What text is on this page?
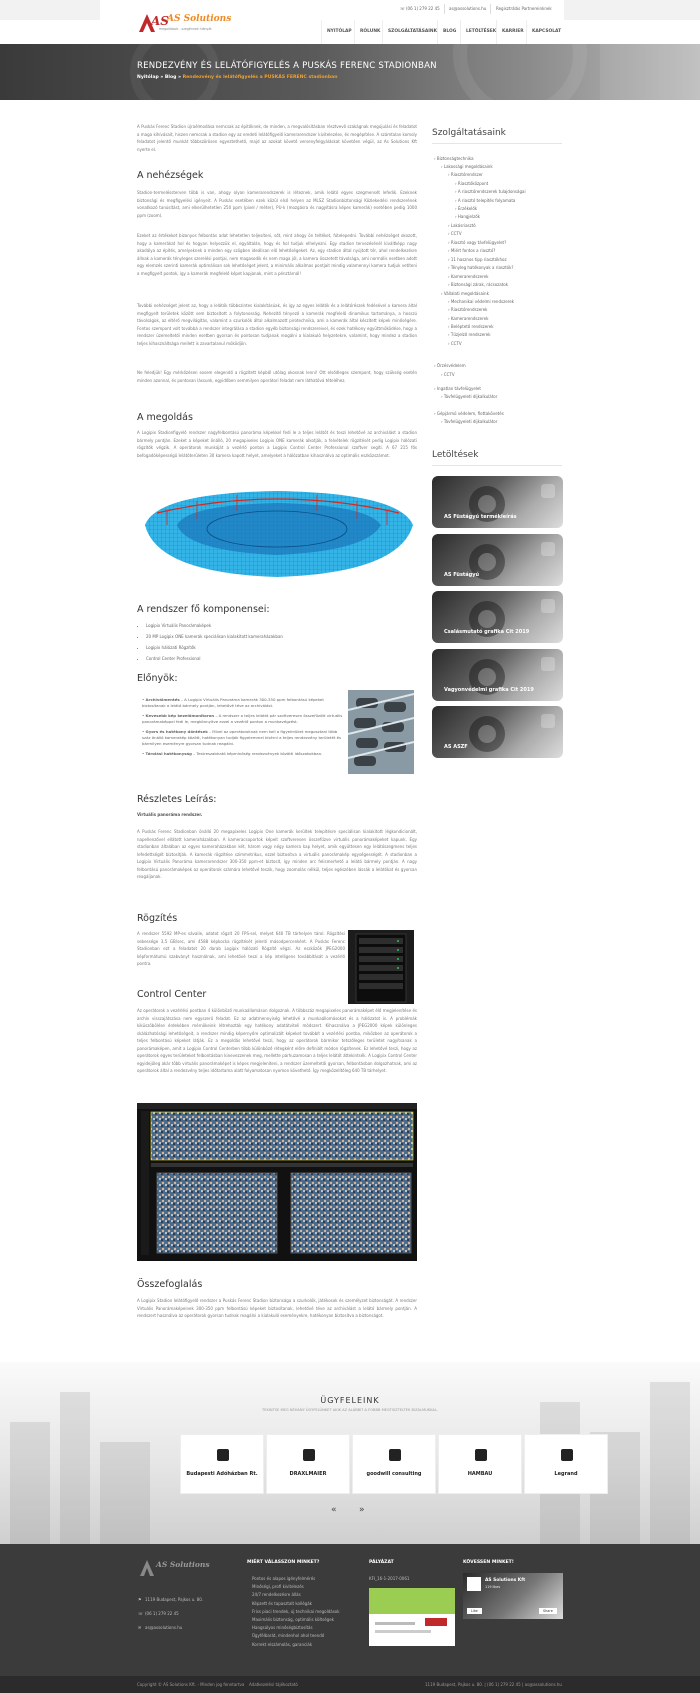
☏ (06 1) 279 22 45 as@assolutions.hu Regisztrálás Partnereinknek
AS
AS Solutions
megoldások - szegénnek hiányát
RENDEZVÉNY ÉS LELÁTÓFIGYELÉS A PUSKÁS FERENC STADIONBAN
Nyitólap » Blog » Rendezvény és lelátófigyelés a PUSKÁS FERENC stadionban
A Puskás Ferenc Stadion újraélmodása nemcsak az épitőknek, de minden, a megvalósításban résztvevő szakágnak megújulási és feladatot a maga kihívásait, hiszen nemcsak a stadion egy az eredeti lelátófigyelő kamerarendszer kivitelezése, és megépítése. A számtalan komoly feladatot jelentő munkát többszörösen egyeztethető, majd az azokat követő versenyfelgyáláskat követően végül, az As Solutions Kft nyerte el.
A nehézségek
Stadion-termeléssterven több is van, ahogy olyan kamerarendszerek is léteznek, amik lelátó egyes szegmensét lefedik. Ezeknek biztonsági és megfigyelési igényeit. A Puskás esetében ezek közül első helyen az MLSZ Stadionbiztonsági Közlekedési rendszerének vonatkozó tanúsítást, ami elkerülhetetlen 250 ppm (pixel / méter), PU-k (mozgásra és nagyításra képes kamerák) esetében pedig 1000 ppm (zoom).
Ezeket az értékeket bizonyos felbontás adat lehetetlen teljesíteni, sőt, mint ahogy ön teltéket, fútelepedni. További nehézséget okozott, hogy a kamerákat hol és hogyan helyezzük el, egyáltalán, hogy és hol tudjuk elhelyezni. Egy stadion tervezésénél kiváltképp nagy akadálya az építés, amelyeknek a minden egy szögben ideálisan elő lehetőségeket. Az, egy stadion által nyújtott tér, ahol rendelkezésre állnak a kamerák tényleges szerelési pontjai, nem magasodik és nem maga jól, a kamera összetett távolsága, ami normális esetben adott egy elemzés szerinti kamerák optimálisan sok lehetőséget jelent, a minimális alkalmas pontjait mindig valamennyi kamera tudjuk vetíteni a megfigyelt pontok, így a kamerák megfelelő képet kapjanak, mint a pénztárnál!
További nehézséget jelent az, hogy a lelátók többszintes kialakításúak, és így az egyes lelátók és a lelátórészek fedésével a kamera által megfigyelt területek között sem biztosított a folytonosság. Nehezítő tényező a kamerák megfelelő dinamikus tartománya, a hosszú távolságok, az eltérő megvilágítás, valamint a szurkolók által alkalmazott pirotechnika, ami a kamerák által készített képek minőségére. Fontos szempont volt továbbá a rendszer integrálása a stadion egyéb biztonsági rendszereivel, és ezek hatékony együttműködése, hogy a rendszer üzemeltetői minden esetben gyorsan és pontosan tudjanak reagálni a kialakuló helyzetekre, valamint, hogy mindez a stadion teljes kihasználtsága mellett is zavartalanul működjön.
Ne feledjük! Egy mérkőzésen sosem elegendő a rögzített képből utólag okosnak lenni! Ott elsődleges szempont, hogy szükség esetén minden azonnal, és pontosan lássunk, egyidőben semmilyen operátori feladat nem láthatóvá tételéhez.
A megoldás
A Logipix Stadionfigyelő rendszer nagyfelbontású panoráma képekkel fedi le a teljes lelátót és teszi lehetővé az archiválást a stadion bármely pontján. Ezeket a képeket önálló, 20 megapixeles Logipix ONE kamerák alkotják, a felvételek rögzítését pedig Logipix hálózati rögzítők végzik. A operátorok munkáját a vezérlő ponton a Logipix Control Center Professional szoftver segíti. A 67 215 fős befogadóképességű lelátóterületen 30 kamera kapott helyet, amelyeket a hálózatban kihasználva az optimális eszközszámot.
A rendszer fő komponensei:
• Logipix Virtuális Panorámaképek
• 20 MP Logipix ONE kamerák speciálisan kialakított kameraházakban
• Logipix hálózati Rögzítők
• Control Center Professional
Előnyök:
• Archiválmentés – A Logipix Virtuális Panoráma kamerák 300-350 ppm felbontású képeket biztosítanak a lelátó bármely pontján, lehetővé téve az archiválást.
• Kevesebb kép kezelőmonitoron – A rendszer a teljes lelátót pár szoftveresen összefűzött virtuális panorámaképpel fedi le, megkönnyítve ezzel a vezérlő ponton a munkavégzést.
• Gyors és hatékony döntések – Mivel az operátoroknak nem kell a figyelmüket megosztani több száz önálló kamerakép között, hatékonyan tudják figyelemmel kísérni a teljes rendezvény területét és bármilyen eseményre gyorsan tudnak reagálni.
• Tárolási hatékonyság – Testreszabható képminőség rendezvények közötti időszakokban.
Részletes Leírás:
Virtuális panoráma rendszer.
A Puskás Ferenc Stadionban önálló 20 megapixeles Logipix One kamerák kerültek telepítésre speciálisan kialakított légkondicionált, napellenzővel ellátott kameraházakban. A kameracsoportok képeit szoftveresen összefűzve virtuális panorámaképeket kapunk. Egy stadionban általában az egyes kameraházakban két, három vagy négy kamera kap helyet, amik együttesen egy lelátószegmens teljes lefedettségét biztosítják. A kamerák rögzítése szimmetrikus, ezzel biztosítva a virtuális panorámakép egységességét. A stadionban a Logipix Virtuális Panoráma kamerarendszer 300-350 ppm-et biztosít, így minden arc felismerhető a lelátó bármely pontján. A nagy felbontású panorámaképek az operátorok számára lehetővé teszik, hogy zoomolás nélkül, teljes egészében lássák a lelátókat és gyorsan reagáljanak.
Rögzítés
A rendszer 5592 MP-es sávaile, adatot rögzít 20 FPS-sel, melyet 640 TB tárhelyen tárol. Rögzítési sebessége 3,5 GB/sec, ami 4588 képkocka rögzítését jelenti másodpercenként. A Puskás Ferenc Stadionban ezt a feladatot 20 darab Logipix hálózati Rögzítő végzi. Az eszközök JPEG2000 képformátumú szabványt használnak, ami lehetővé teszi a kép intelligens továbbítását a vezérlő pontra.
Control Center
Az operátorok a vezérlési pontban 4 különböző munkaállomáson dolgoznak. A többszáz megapixeles panorámaképet élő megjelenítése és archív visszajátszása nem egyszerű feladat. Ez az adatmennyiség lehetővé a munkaállomásokat és a hálózatot is. A problémák kiküszöbölése érdekében mérnökeink létrehozták egy hatékony adatátviteli módszert. Kihasználva a JPEG2000 képek különleges skálázhatósági lehetőségeit, a rendszer mindig képernyőre optimalizált képeket továbbít a vezérlési pontba, miközben az operátorok a teljes felbontású képeket látják. Ez a megoldás lehetővé teszi, hogy az operátorok bármikor tetszőleges területet nagyítsanak a panorámaképen, amit a Logipix Control Centerben több különböző rétegként előre definiált módon rögzítenek. Ez lehetővé teszi, hogy az operátorok egyes területeket felbontásban kinevezzenek meg, mellette párhuzamosan a teljes lelátót áttekintsék. A Logipix Control Center egyidejűleg akár több virtuális panorámaképet is képes megjeleníteni, a rendszer üzemeltetői gyorsan, felbontásban dolgozhatnak, ami az operátorok által a rendezvény teljes időtartama alatt folyamatosan nyomon követhető. Így megközelítőleg 640 TB tárhelyet.
Összefoglalás
A Logipix Stadion lelátófigyelő rendszer a Puskás Ferenc Stadion biztonsága a szurkolók, játékosok és személyzet biztonságát. A rendszer Virtuális Panorámaképeinek 300-350 ppm felbontású képeket biztosítanak, lehetővé téve az archiválást a lelátó bármely pontján. A rendszert használva az operátorok gyorsan tudnak reagálni a kialakuló eseményekre, hatékonyan biztosítva a biztonságot.
Szolgáltatásaink
Letöltések
ÜGYFELEINK
TEKINTSE MEG NÉHÁNY ÜGYFELÜNKET AKIK AZ ALÁBBIT A FOBBB MEGTISZTELTEK BIZALMUKKAL.
« »
AS Solutions
⚑ 1119 Budapest, Pajkos u. 80.
☏ (06 1) 279 22 45
✉ as@assolutions.hu
MIÉRT VÁLASSZON MINKET?	PÁLYÁZAT
KFI_16-1-2017-0061
KÖVESSEN MINKET!
AS Solutions Kft
119 likes
Like	Share
Copyright © AS Solutions Kft. - Minden jog fenntartva Adatkezelési tájékoztató	1119 Budapest, Pajkos u. 80. | (06 1) 279 22 45 | as@assolutions.hu
NYITÓLAP RÓLUNK SZOLGÁLTATÁSAINK BLOG LETÖLTÉSEK KARRIER KAPCSOLAT
› Biztonságtechnika
› Lakossági megoldásaink
› Riasztórendszer
› Riasztóközpont
› A riasztórendszerek tulajdonságai
› A riasztó telepítés folyamata
› Érzékelők
› Hangjelzők
› Lakásriasztó
› CCTV
› Riasztó vagy távfelügyelet?
› Miért fontos a riasztó?
› 11 hasznos tipp riasztókhoz
› Tényleg hatékonyak a riasztók?
› Kamerarendszerek
› Biztonsági zárak, rácsozatok
› Vállalati megoldásaink
› Mechanikai védelmi rendszerek
› Riasztórendszerek
› Kamerarendszerek
› Beléptető rendszerek
› Tűzjelző rendszerek
› CCTV
› Őrzésvédelem
› CCTV
› Ingatlan távfelügyelet
› Távfelügyeleti díjkalkulátor
› Gépjármű védelem, flottakövetés
› Távfelügyeleti díjkalkulátor
AS Füstágyú termékleírás
AS Füstágyú
Csalásmutató grafika Cit 2019
Vagyonvédelmi grafika Cit 2019
AS ASZF
Budapesti Adóházban Rt.	DRAXLMAIER	goodwill consulting	HAMBAU	Legrand
Pontos és alapos igényfelmérés
Minőségi, profi kivitelezés
24/7 rendelkezésre állás
Képzett és tapasztalt kollégák
Friss piaci trendek, új technikai megoldások
Maximális biztonság, optimális költségek
Hangsúlyos minőségbiztosítás
Ügyfélbarát, mindenhol ahol teendő
Korrekt elszámolás, garanciák
